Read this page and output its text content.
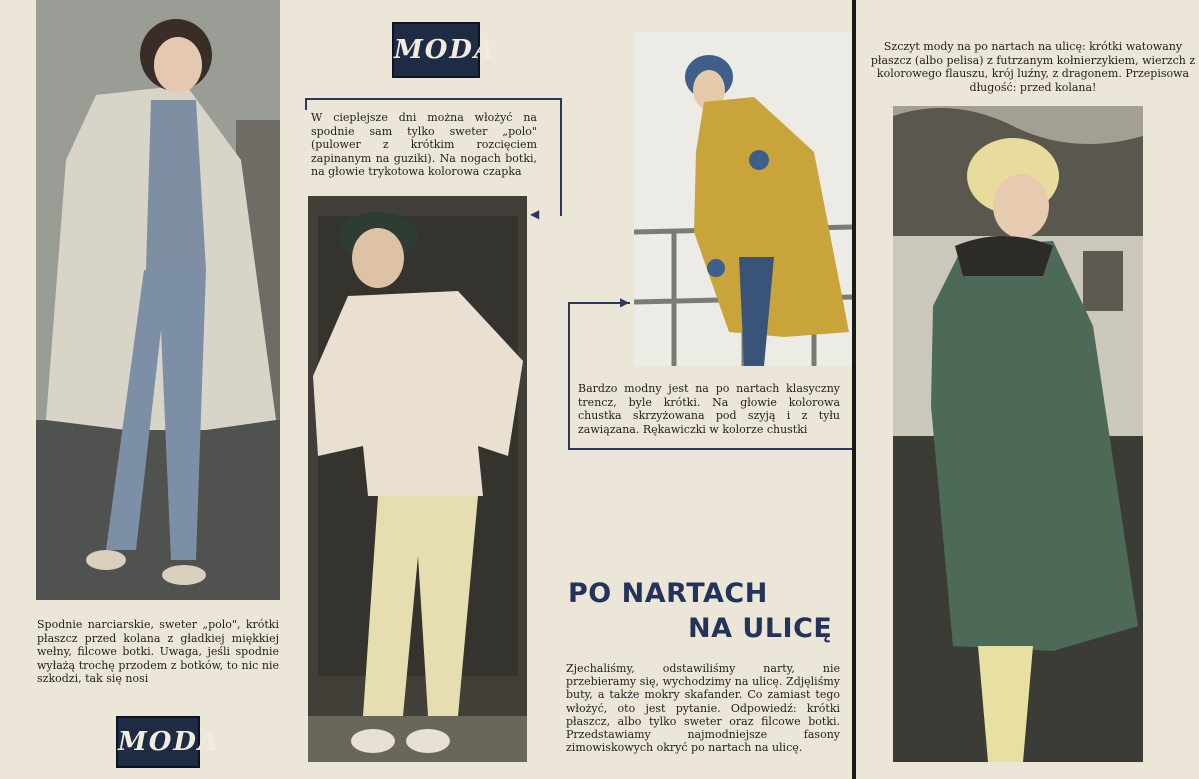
Spodnie narciarskie, sweter „polo", krótki płaszcz przed kolana z gładkiej miękkiej wełny, filcowe botki. Uwaga, jeśli spodnie wyłażą trochę przodem z botków, to nic nie szkodzi, tak się nosi

MODA
MODA
◀

W cieplejsze dni można włożyć na spodnie sam tylko sweter „polo" (pulower z krótkim rozcięciem zapinanym na guziki). Na nogach botki, na głowie trykotowa kolorowa czapka

▶

Bardzo modny jest na po nartach klasyczny trencz, byle krótki. Na głowie kolorowa chustka skrzyżowana pod szyją i z tyłu zawiązana. Rękawiczki w kolorze chustki

PO NARTACH
NA ULICĘ

Zjechaliśmy, odstawiliśmy narty, nie przebieramy się, wychodzimy na ulicę. Zdjęliśmy buty, a także mokry skafander. Co zamiast tego włożyć, oto jest pytanie. Odpowiedź: krótki płaszcz, albo tylko sweter oraz filcowe botki. Przedstawiamy najmodniejsze fasony zimowiskowych okryć po nartach na ulicę.

Szczyt mody na po nartach na ulicę: krótki watowany płaszcz (albo pelisa) z futrzanym kołnierzykiem, wierzch z kolorowego flauszu, krój luźny, z dragonem. Przepisowa długość: przed kolana!
